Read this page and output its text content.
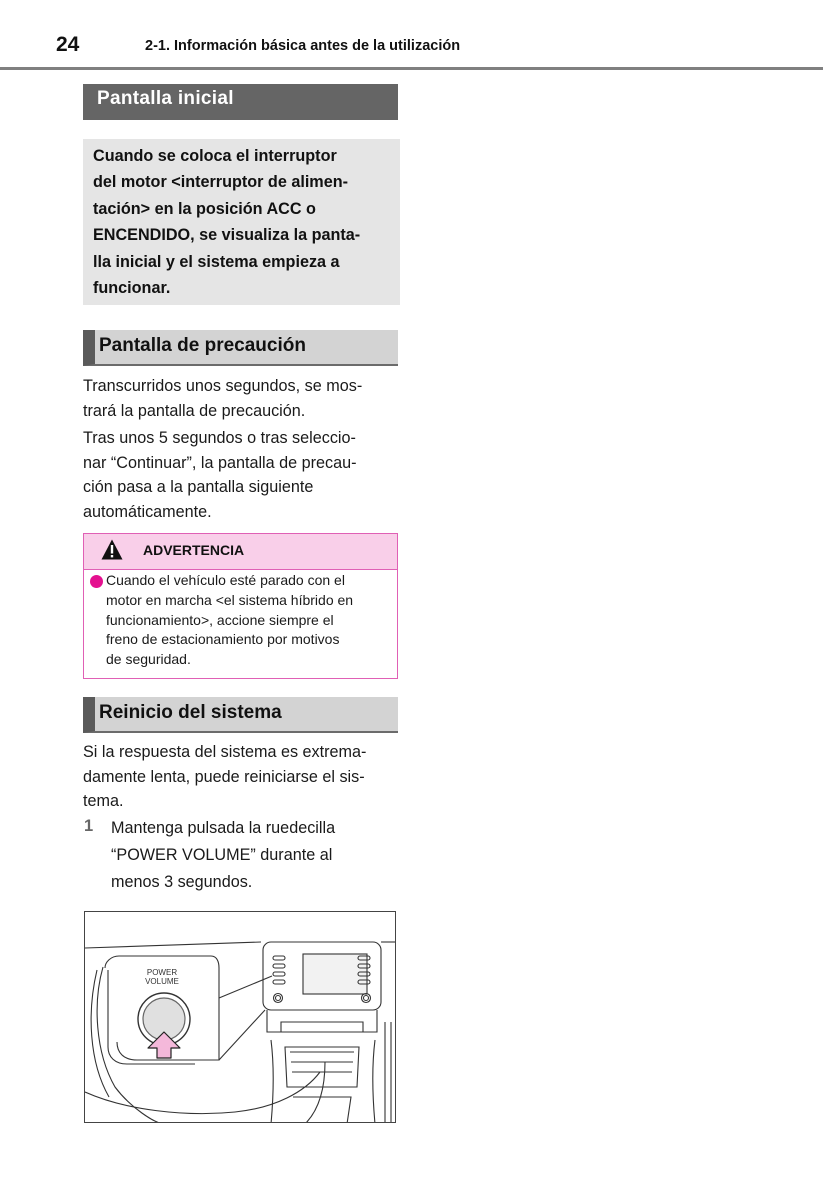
24	2-1. Información básica antes de la utilización
Pantalla inicial
Cuando se coloca el interruptor
del motor <interruptor de alimen-
tación> en la posición ACC o
ENCENDIDO, se visualiza la panta-
lla inicial y el sistema empieza a
funcionar.
Pantalla de precaución
Transcurridos unos segundos, se mos-
trará la pantalla de precaución.
Tras unos 5 segundos o tras seleccio-
nar “Continuar”, la pantalla de precau-
ción pasa a la pantalla siguiente
automáticamente.
ADVERTENCIA
Cuando el vehículo esté parado con el
motor en marcha <el sistema híbrido en
funcionamiento>, accione siempre el
freno de estacionamiento por motivos
de seguridad.
Reinicio del sistema
Si la respuesta del sistema es extrema-
damente lenta, puede reiniciarse el sis-
tema.
1 Mantenga pulsada la ruedecilla
“POWER VOLUME” durante al
menos 3 segundos.
POWER
VOLUME
